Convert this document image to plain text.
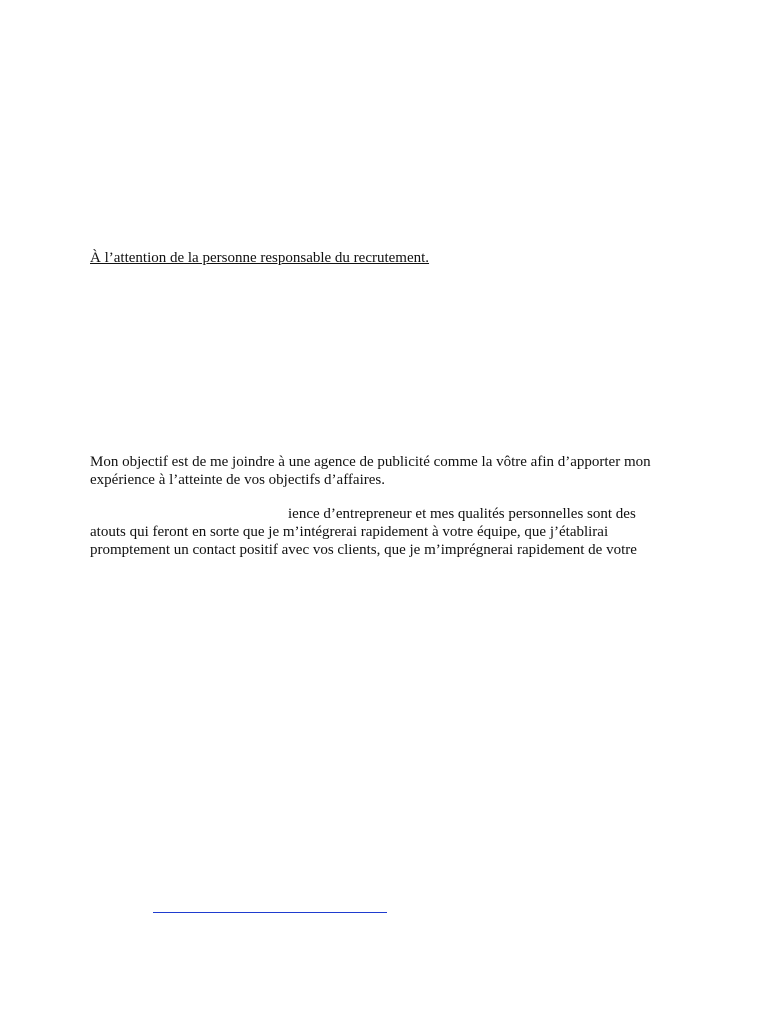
À l’attention de la personne responsable du recrutement.
Mon objectif est de me joindre à une agence de publicité comme la vôtre afin d’apporter mon
expérience à l’atteinte de vos objectifs d’affaires.
ience d’entrepreneur et mes qualités personnelles sont des
atouts qui feront en sorte que je m’intégrerai rapidement à votre équipe, que j’établirai
promptement un contact positif avec vos clients, que je m’imprégnerai rapidement de votre
